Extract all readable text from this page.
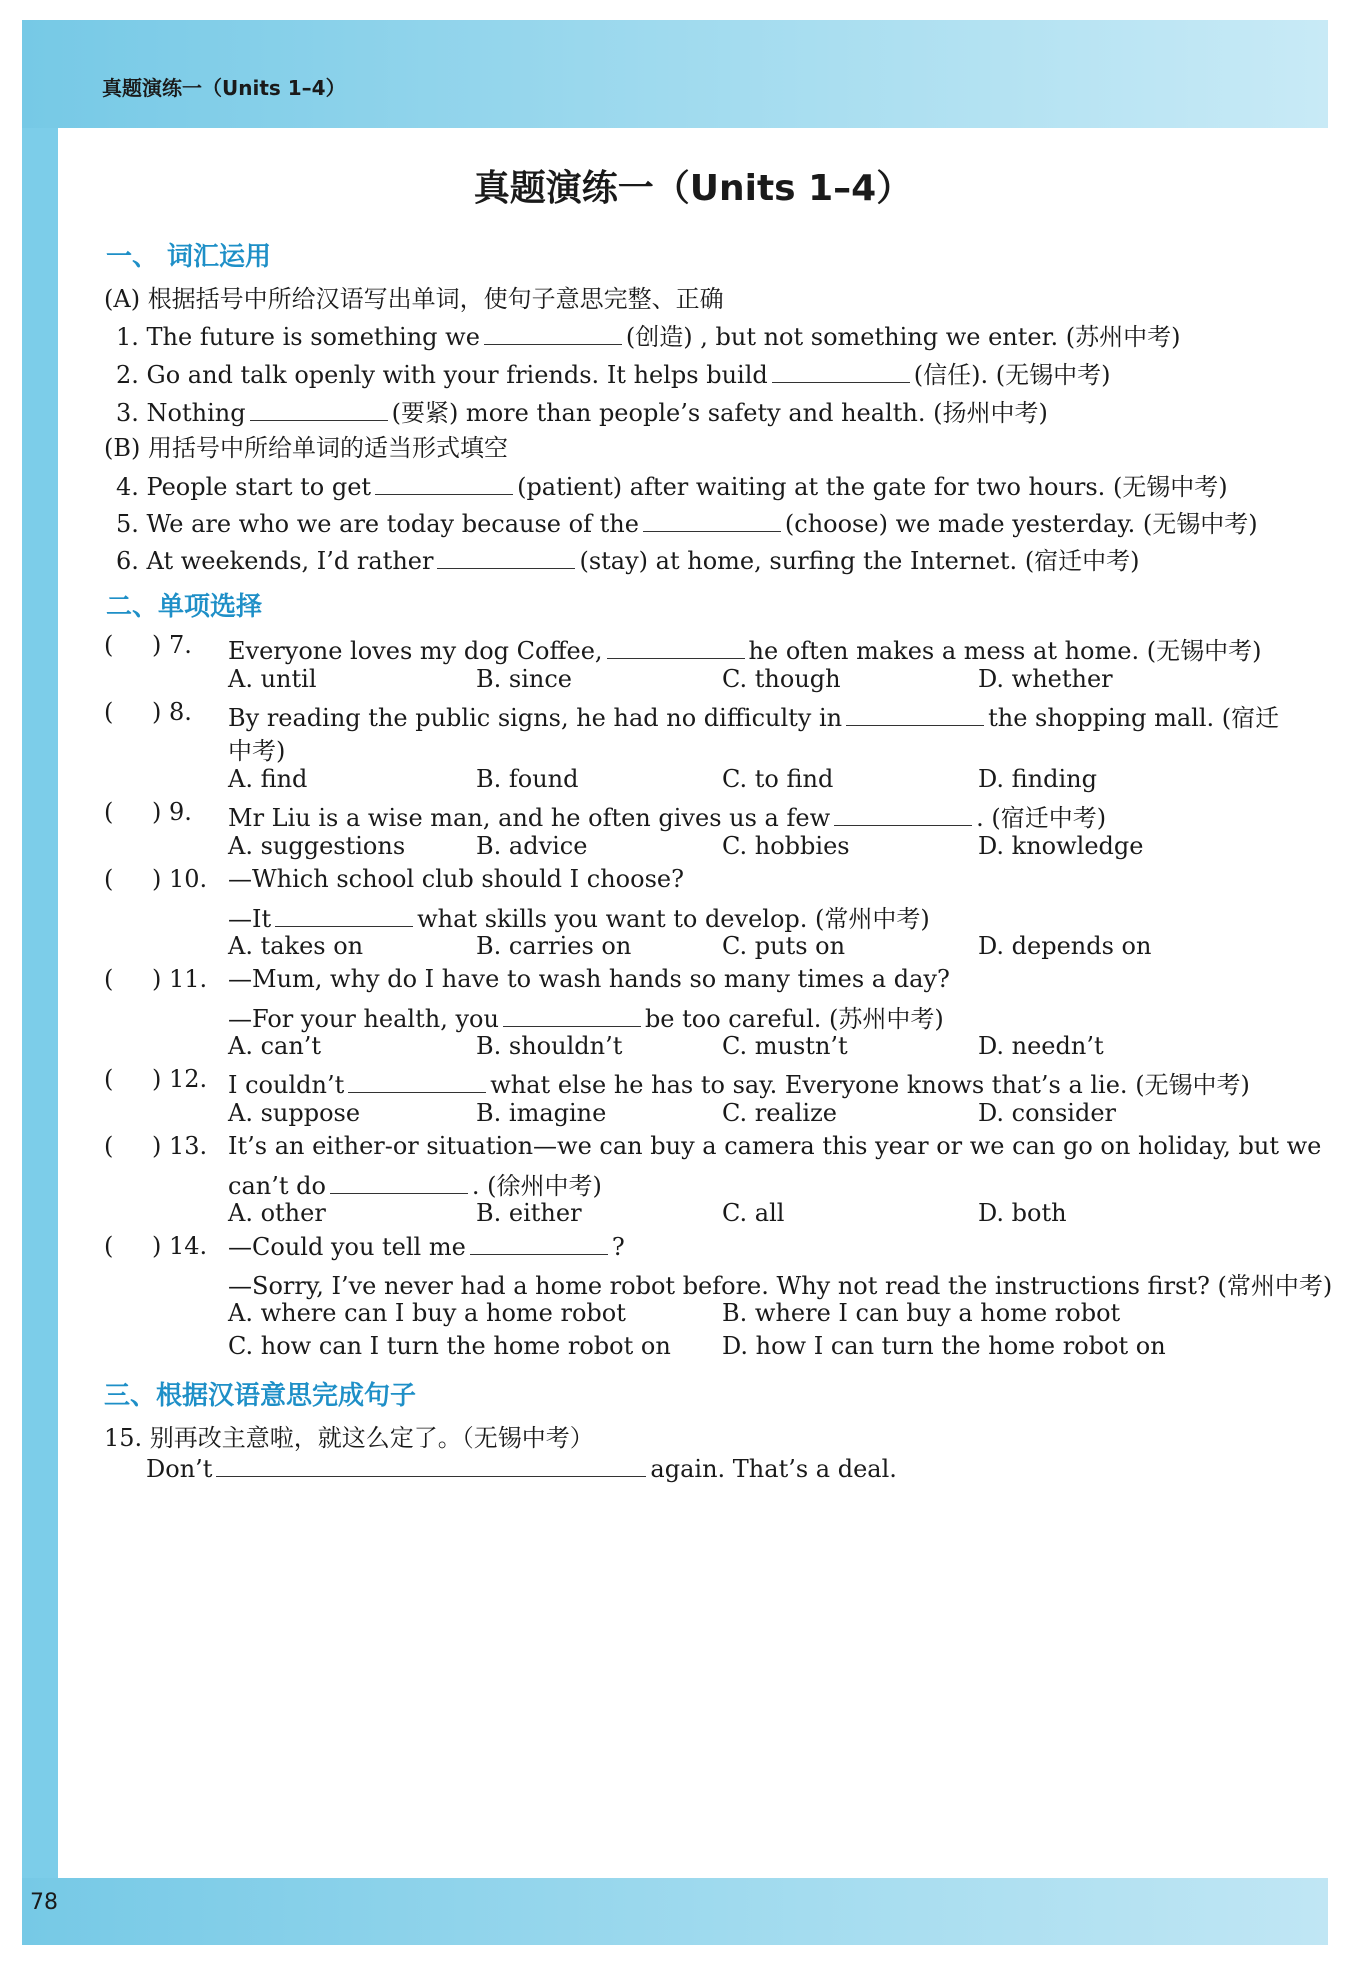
真题演练一（Units 1–4）
真题演练一（Units 1–4）
一、 词汇运用
(A) 根据括号中所给汉语写出单词，使句子意思完整、正确
1. The future is something we	(创造) , but not something we enter. (苏州中考)
2. Go and talk openly with your friends. It helps build	(信任). (无锡中考)
3. Nothing	(要紧) more than people’s safety and health. (扬州中考)
(B) 用括号中所给单词的适当形式填空
4. People start to get	(patient) after waiting at the gate for two hours. (无锡中考)
5. We are who we are today because of the	(choose) we made yesterday. (无锡中考)
6. At weekends, I’d rather	(stay) at home, surfing the Internet. (宿迁中考)
二、单项选择
( ) 7. Everyone loves my dog Coffee,	he often makes a mess at home. (无锡中考)
A. until	B. since	C. though	D. whether
( ) 8. By reading the public signs, he had no difficulty in	the shopping mall. (宿迁
中考)
A. find	B. found	C. to find	D. finding
( ) 9. Mr Liu is a wise man, and he often gives us a few	. (宿迁中考)
A. suggestions	B. advice	C. hobbies	D. knowledge
( ) 10. —Which school club should I choose?
—It	what skills you want to develop. (常州中考)
A. takes on	B. carries on	C. puts on	D. depends on
( ) 11. —Mum, why do I have to wash hands so many times a day?
—For your health, you	be too careful. (苏州中考)
A. can’t	B. shouldn’t	C. mustn’t	D. needn’t
( ) 12. I couldn’t	what else he has to say. Everyone knows that’s a lie. (无锡中考)
A. suppose	B. imagine	C. realize	D. consider
( ) 13. It’s an either-or situation—we can buy a camera this year or we can go on holiday, but we
can’t do	. (徐州中考)
A. other	B. either	C. all	D. both
( ) 14. —Could you tell me	?
—Sorry, I’ve never had a home robot before. Why not read the instructions first? (常州中考)
A. where can I buy a home robot	B. where I can buy a home robot
C. how can I turn the home robot on D. how I can turn the home robot on
三、根据汉语意思完成句子
15. 别再改主意啦，就这么定了。（无锡中考）
Don’t	again. That’s a deal.
78
